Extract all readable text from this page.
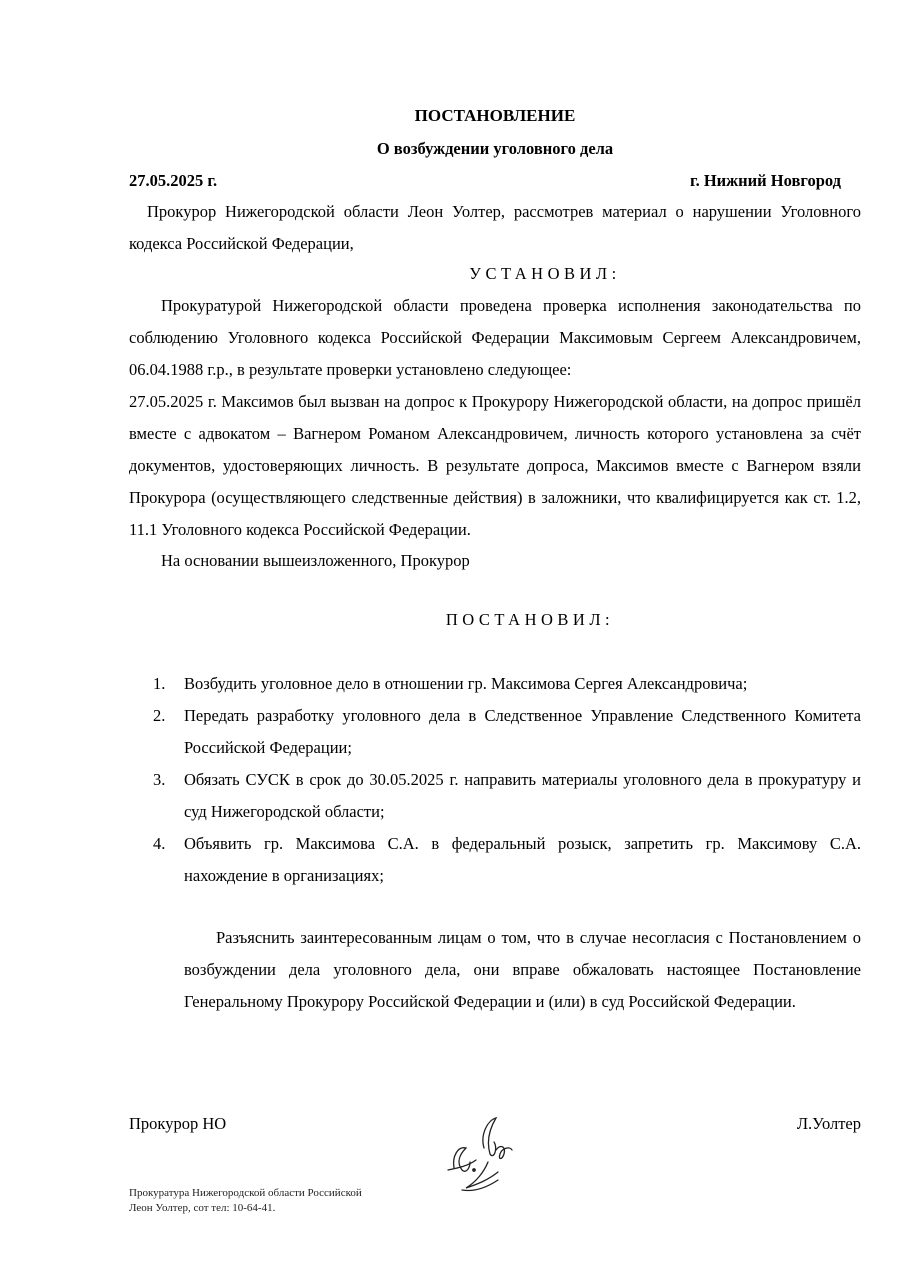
ПОСТАНОВЛЕНИЕ
О возбуждении уголовного дела
27.05.2025 г.	г. Нижний Новгород
Прокурор Нижегородской области Леон Уолтер, рассмотрев материал о нарушении Уголовного кодекса Российской Федерации,
УСТАНОВИЛ:
Прокуратурой Нижегородской области проведена проверка исполнения законодательства по соблюдению Уголовного кодекса Российской Федерации Максимовым Сергеем Александровичем, 06.04.1988 г.р., в результате проверки установлено следующее:
27.05.2025 г. Максимов был вызван на допрос к Прокурору Нижегородской области, на допрос пришёл вместе с адвокатом – Вагнером Романом Александровичем, личность которого установлена за счёт документов, удостоверяющих личность. В результате допроса, Максимов вместе с Вагнером взяли Прокурора (осуществляющего следственные действия) в заложники, что квалифицируется как ст. 1.2, 11.1 Уголовного кодекса Российской Федерации.
На основании вышеизложенного, Прокурор
ПОСТАНОВИЛ:
1. Возбудить уголовное дело в отношении гр. Максимова Сергея Александровича;
2. Передать разработку уголовного дела в Следственное Управление Следственного Комитета Российской Федерации;
3. Обязать СУСК в срок до 30.05.2025 г. направить материалы уголовного дела в прокуратуру и суд Нижегородской области;
4. Объявить гр. Максимова С.А. в федеральный розыск, запретить гр. Максимову С.А. нахождение в организациях;
Разъяснить заинтересованным лицам о том, что в случае несогласия с Постановлением о возбуждении дела уголовного дела, они вправе обжаловать настоящее Постановление Генеральному Прокурору Российской Федерации и (или) в суд Российской Федерации.
Прокурор НО	Л.Уолтер
Прокуратура Нижегородской области Российской
Леон Уолтер, сот тел: 10-64-41.
